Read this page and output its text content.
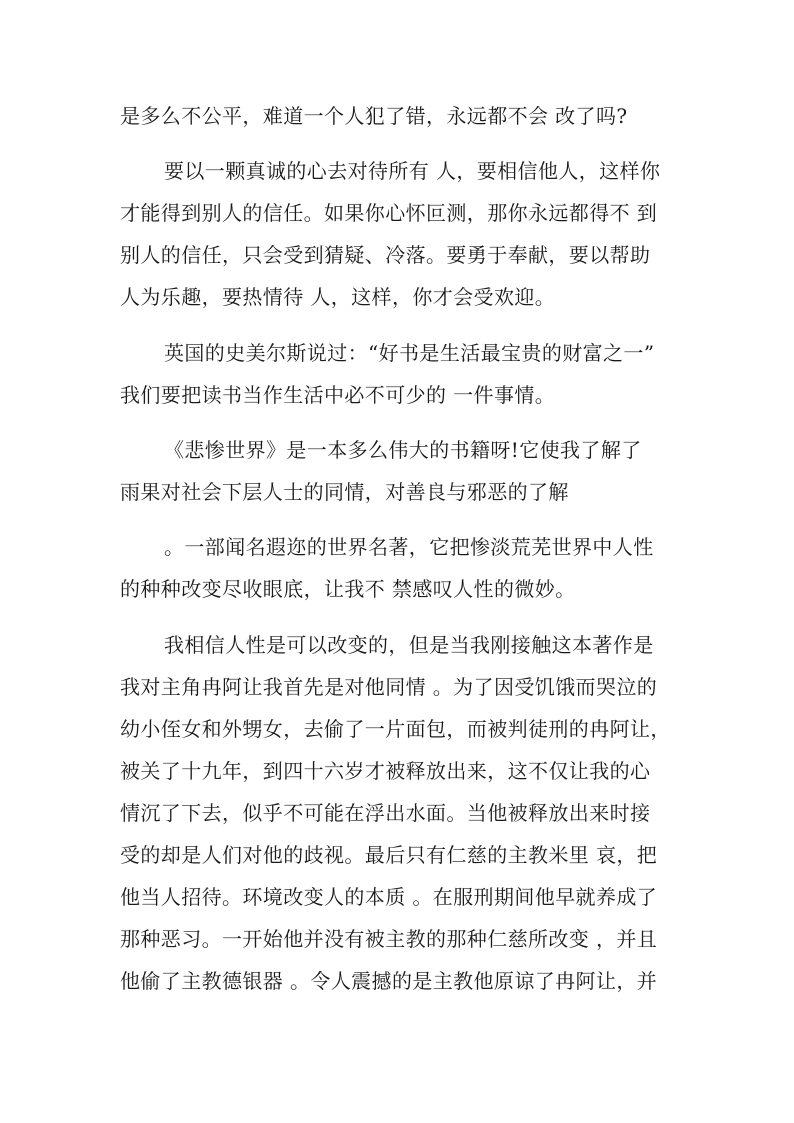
是多么不公平，难道一个人犯了错，永远都不会 改了吗?
要以一颗真诚的心去对待所有 人，要相信他人，这样你
才能得到别人的信任。如果你心怀叵测，那你永远都得不 到
别人的信任，只会受到猜疑、冷落。要勇于奉献，要以帮助
人为乐趣，要热情待 人，这样，你才会受欢迎。
英国的史美尔斯说过：“好书是生活最宝贵的财富之一”
我们要把读书当作生活中必不可少的 一件事情。
《悲惨世界》是一本多么伟大的书籍呀!它使我了解了
雨果对社会下层人士的同情，对善良与邪恶的了解
。一部闻名遐迩的世界名著，它把惨淡荒芜世界中人性
的种种改变尽收眼底，让我不 禁感叹人性的微妙。
我相信人性是可以改变的，但是当我刚接触这本著作是
我对主角冉阿让我首先是对他同情 。为了因受饥饿而哭泣的
幼小侄女和外甥女，去偷了一片面包，而被判徒刑的冉阿让，
被关了十九年，到四十六岁才被释放出来，这不仅让我的心
情沉了下去，似乎不可能在浮出水面。当他被释放出来时接
受的却是人们对他的歧视。最后只有仁慈的主教米里 哀，把
他当人招待。环境改变人的本质 。在服刑期间他早就养成了
那种恶习。一开始他并没有被主教的那种仁慈所改变 ，并且
他偷了主教德银器 。令人震撼的是主教他原谅了冉阿让，并
